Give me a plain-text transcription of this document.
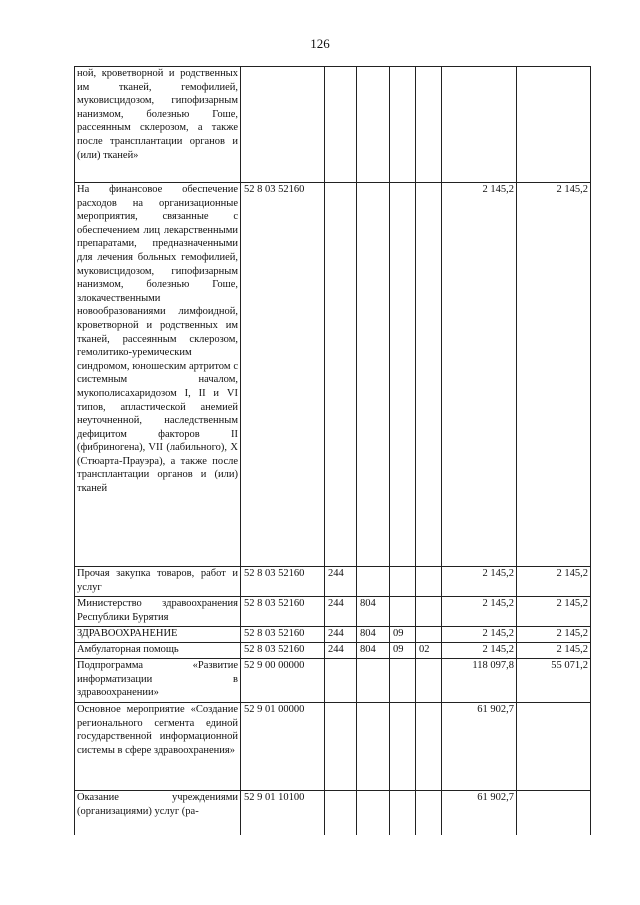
126
ной, кроветворной и родственных им тканей, гемофилией, муковисцидозом, гипофизарным нанизмом, болезнью Гоше, рассеянным склерозом, а также после трансплантации органов и (или) тканей»							
На финансовое обеспечение расходов на организационные мероприятия, связанные с обеспечением лиц лекарственными препаратами, предназначенными для лечения больных гемофилией, муковисцидозом, гипофизарным нанизмом, болезнью Гоше, злокачественными новообразованиями лимфоидной, кроветворной и родственных им тканей, рассеянным склерозом, гемолитико-уремическим синдромом, юношеским артритом с системным началом, мукополисахаридозом I, II и VI типов, апластической анемией неуточненной, наследственным дефицитом факторов II (фибриногена), VII (лабильного), X (Стюарта-Прауэра), а также после трансплантации органов и (или) тканей	52 8 03 52160					2 145,2	2 145,2
Прочая закупка товаров, работ и услуг	52 8 03 52160	244				2 145,2	2 145,2
Министерство здравоохранения Республики Бурятия	52 8 03 52160	244	804			2 145,2	2 145,2
ЗДРАВООХРАНЕНИЕ	52 8 03 52160	244	804	09		2 145,2	2 145,2
Амбулаторная помощь	52 8 03 52160	244	804	09	02	2 145,2	2 145,2
Подпрограмма «Развитие информатизации в здравоохранении»	52 9 00 00000					118 097,8	55 071,2
Основное мероприятие «Создание регионального сегмента единой государственной информационной системы в сфере здравоохранения»	52 9 01 00000					61 902,7	
Оказание учреждениями (организациями) услуг (ра-	52 9 01 10100					61 902,7	
